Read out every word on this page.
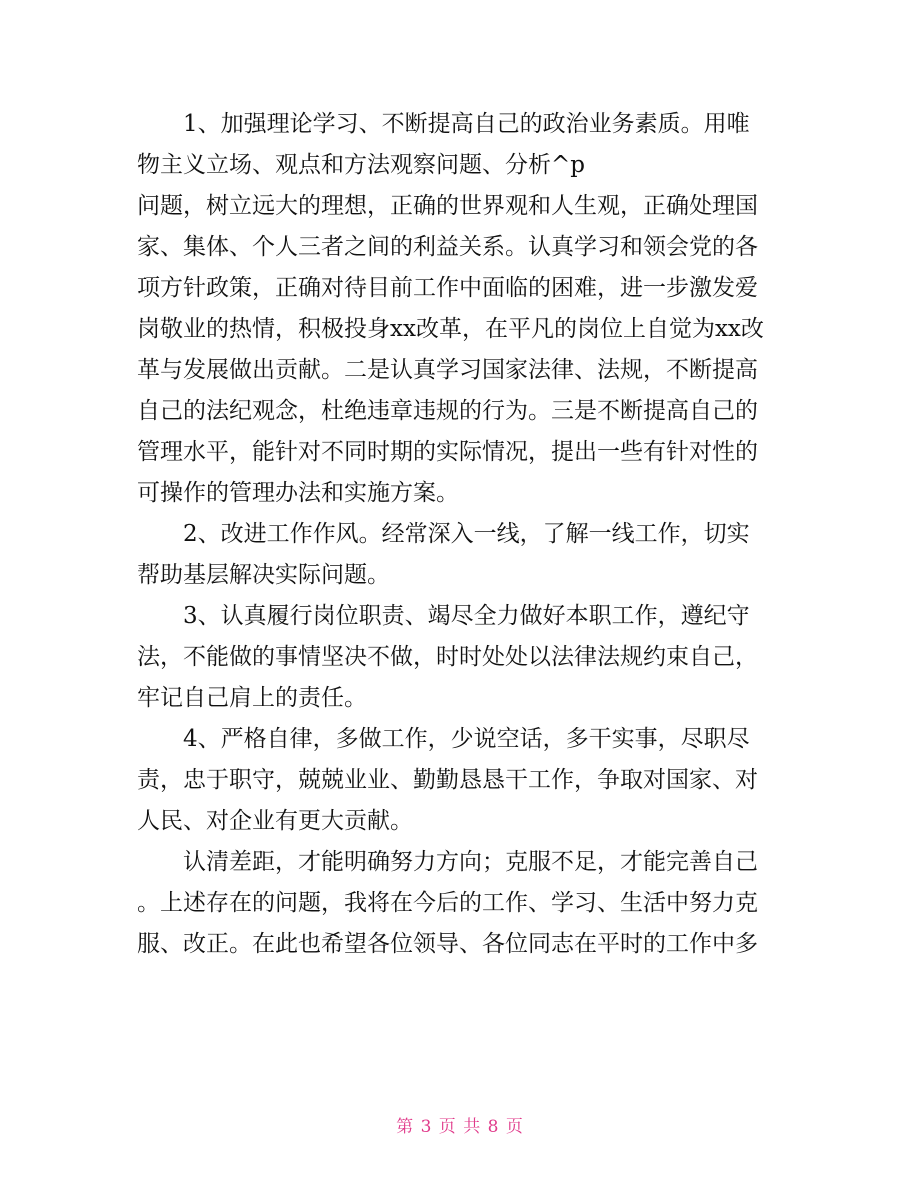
1、加强理论学习、不断提高自己的政治业务素质。用唯
物主义立场、观点和方法观察问题、分析^p
问题，树立远大的理想，正确的世界观和人生观，正确处理国
家、集体、个人三者之间的利益关系。认真学习和领会党的各
项方针政策，正确对待目前工作中面临的困难，进一步激发爱
岗敬业的热情，积极投身xx改革，在平凡的岗位上自觉为xx改
革与发展做出贡献。二是认真学习国家法律、法规，不断提高
自己的法纪观念，杜绝违章违规的行为。三是不断提高自己的
管理水平，能针对不同时期的实际情况，提出一些有针对性的
可操作的管理办法和实施方案。
2、改进工作作风。经常深入一线，了解一线工作，切实
帮助基层解决实际问题。
3、认真履行岗位职责、竭尽全力做好本职工作，遵纪守
法，不能做的事情坚决不做，时时处处以法律法规约束自己，
牢记自己肩上的责任。
4、严格自律，多做工作，少说空话，多干实事，尽职尽
责，忠于职守，兢兢业业、勤勤恳恳干工作，争取对国家、对
人民、对企业有更大贡献。
认清差距，才能明确努力方向；克服不足，才能完善自己
。上述存在的问题，我将在今后的工作、学习、生活中努力克
服、改正。在此也希望各位领导、各位同志在平时的工作中多
第 3 页 共 8 页
